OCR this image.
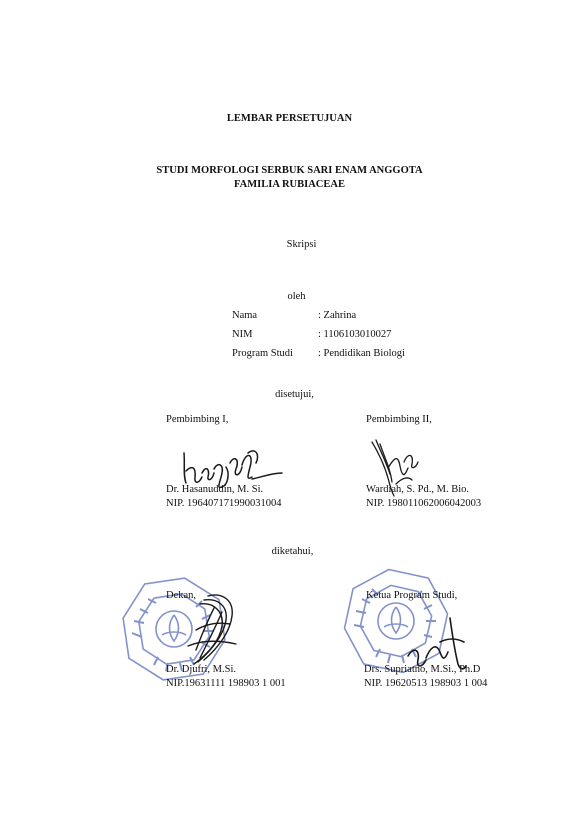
LEMBAR PERSETUJUAN
STUDI MORFOLOGI SERBUK SARI ENAM ANGGOTA
FAMILIA RUBIACEAE
Skripsi
oleh
Nama	: Zahrina
NIM	: 1106103010027
Program Studi : Pendidikan Biologi
disetujui,
Pembimbing I,	Pembimbing II,
Dr. Hasanuddin, M. Si.
NIP. 196407171990031004
Wardiah, S. Pd., M. Bio.
NIP. 198011062006042003
diketahui,
Dekan,	Ketua Program Studi,
Dr. Djufri, M.Si.
NIP.19631111 198903 1 001
Drs. Supriatno, M.Si., Ph.D
NIP. 19620513 198903 1 004
